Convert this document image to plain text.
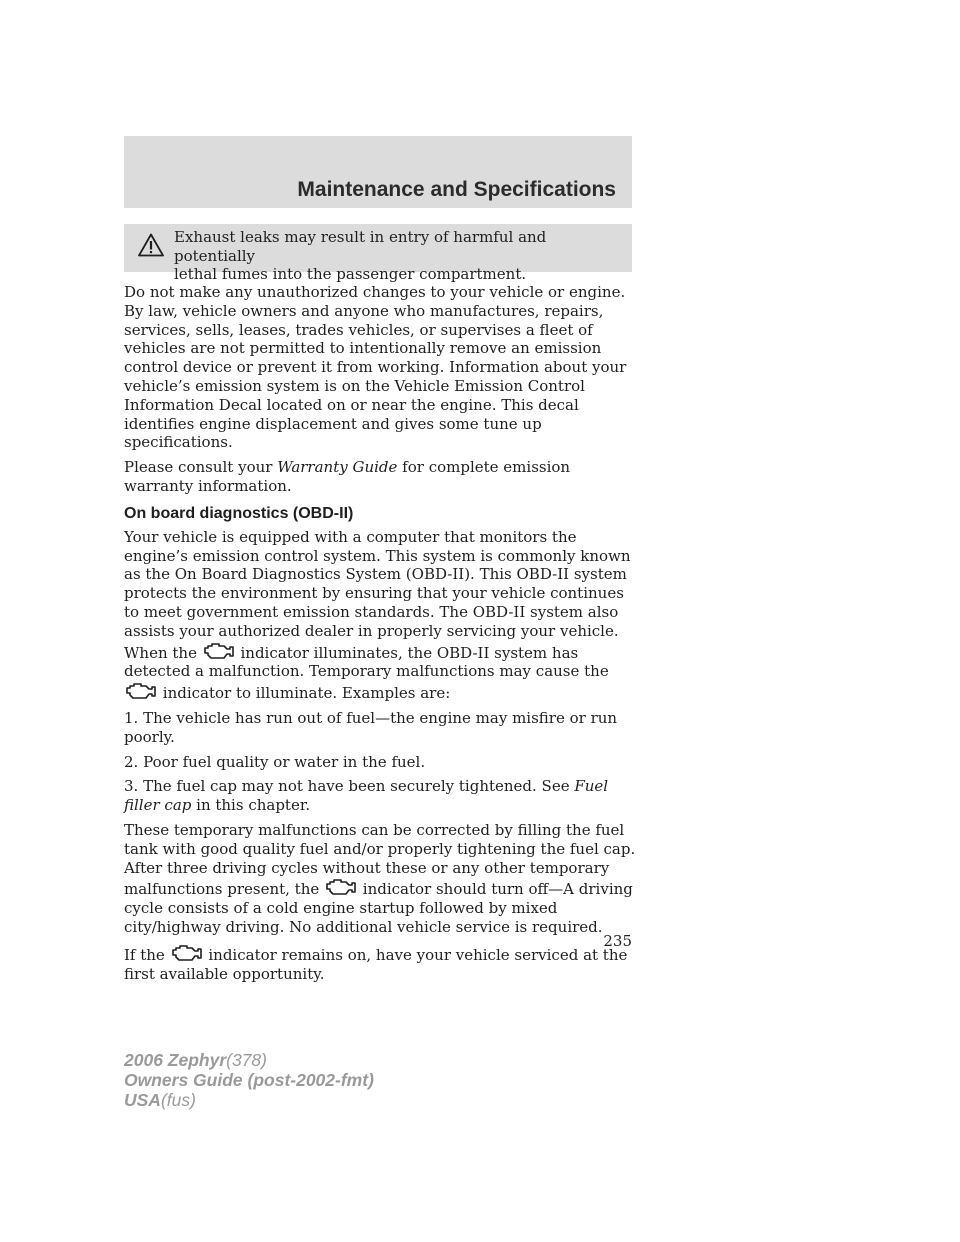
Maintenance and Specifications
Exhaust leaks may result in entry of harmful and potentially
lethal fumes into the passenger compartment.

Do not make any unauthorized changes to your vehicle or engine. By law, vehicle owners and anyone who manufactures, repairs, services, sells, leases, trades vehicles, or supervises a fleet of vehicles are not permitted to intentionally remove an emission control device or prevent it from working. Information about your vehicle’s emission system is on the Vehicle Emission Control Information Decal located on or near the engine. This decal identifies engine displacement and gives some tune up specifications.

Please consult your Warranty Guide for complete emission warranty information.

On board diagnostics (OBD-II)

Your vehicle is equipped with a computer that monitors the engine’s emission control system. This system is commonly known as the On Board Diagnostics System (OBD-II). This OBD-II system protects the environment by ensuring that your vehicle continues to meet government emission standards. The OBD-II system also assists your authorized dealer in properly servicing your vehicle. When the  indicator illuminates, the OBD-II system has detected a malfunction. Temporary malfunctions may cause the  indicator to illuminate. Examples are:

1. The vehicle has run out of fuel—the engine may misfire or run poorly.

2. Poor fuel quality or water in the fuel.

3. The fuel cap may not have been securely tightened. See Fuel filler cap in this chapter.

These temporary malfunctions can be corrected by filling the fuel tank with good quality fuel and/or properly tightening the fuel cap. After three driving cycles without these or any other temporary malfunctions present, the  indicator should turn off—A driving cycle consists of a cold engine startup followed by mixed city/highway driving. No additional vehicle service is required.

If the  indicator remains on, have your vehicle serviced at the first available opportunity.

235
2006 Zephyr(378)
Owners Guide (post-2002-fmt)
USA(fus)
